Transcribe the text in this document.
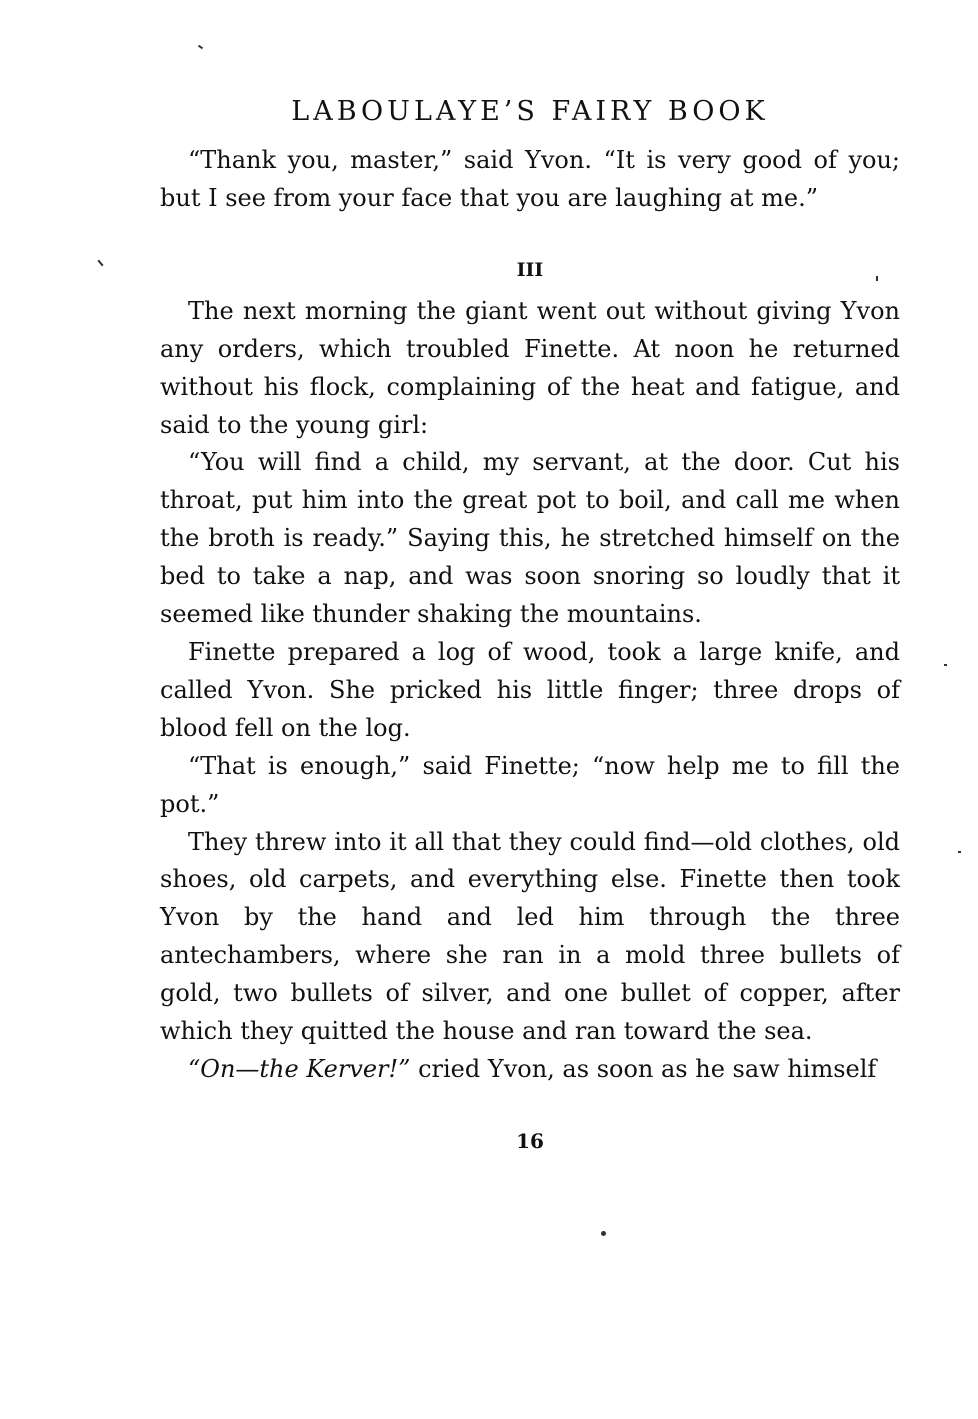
LABOULAYE’S FAIRY BOOK

“Thank you, master,” said Yvon. “It is very good of you; but I see from your face that you are laughing at me.”

III

The next morning the giant went out without giving Yvon any orders, which troubled Finette. At noon he returned without his flock, complaining of the heat and fatigue, and said to the young girl:

“You will find a child, my servant, at the door. Cut his throat, put him into the great pot to boil, and call me when the broth is ready.” Saying this, he stretched himself on the bed to take a nap, and was soon snoring so loudly that it seemed like thunder shaking the mountains.

Finette prepared a log of wood, took a large knife, and called Yvon. She pricked his little finger; three drops of blood fell on the log.

“That is enough,” said Finette; “now help me to fill the pot.”

They threw into it all that they could find—old clothes, old shoes, old carpets, and everything else. Finette then took Yvon by the hand and led him through the three antechambers, where she ran in a mold three bullets of gold, two bullets of silver, and one bullet of copper, after which they quitted the house and ran toward the sea.

“On—the Kerver!” cried Yvon, as soon as he saw himself

16
